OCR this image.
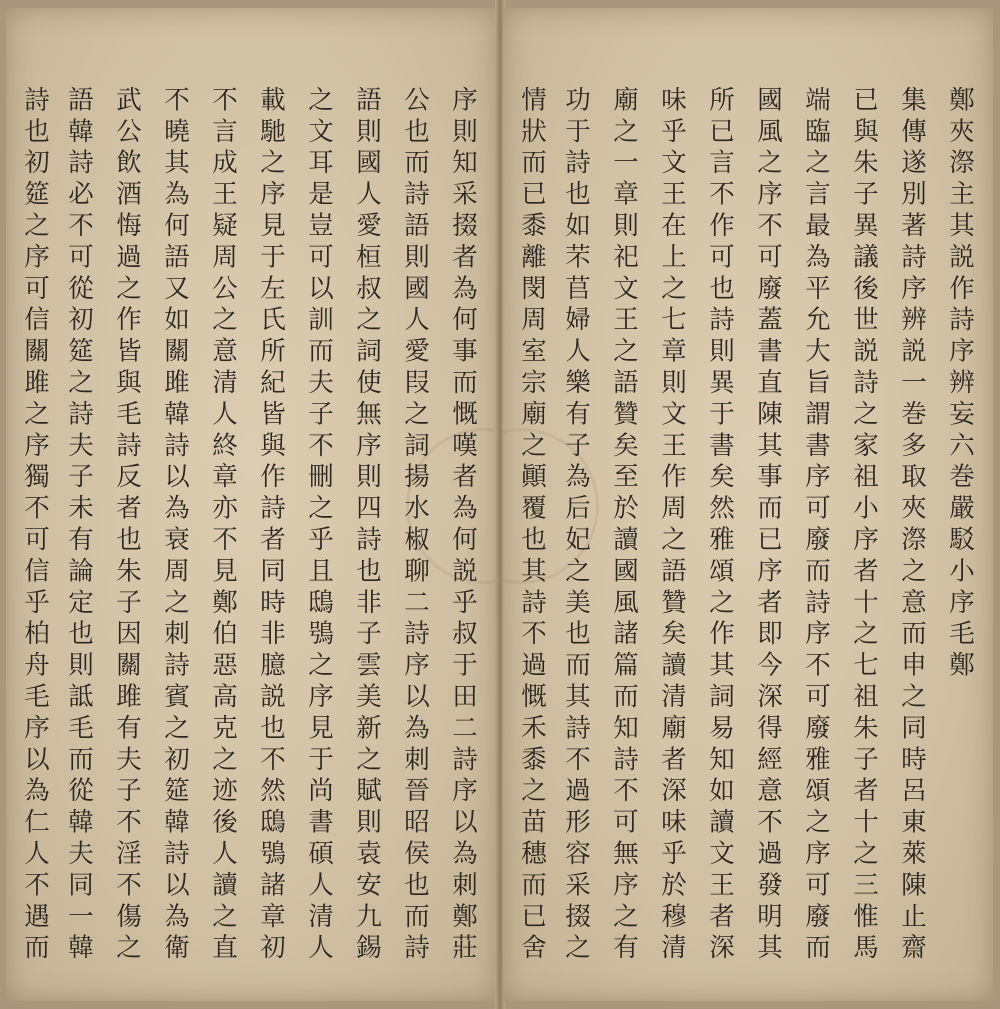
序則知采掇者為何事而慨嘆者為何説乎叔于田二詩序以為刺鄭莊
公也而詩語則國人愛叚之詞揚水椒聊二詩序以為刺晉昭侯也而詩
語則國人愛桓叔之詞使無序則四詩也非子雲美新之賦則袁安九錫
之文耳是豈可以訓而夫子不刪之乎且鴟鴞之序見于尚書碩人清人
載馳之序見于左氏所紀皆與作詩者同時非臆説也不然鴟鴞諸章初
不言成王疑周公之意清人終章亦不見鄭伯惡高克之迹後人讀之直
不曉其為何語又如關雎韓詩以為衰周之刺詩賓之初筵韓詩以為衛
武公飲酒悔過之作皆與毛詩反者也朱子因關雎有夫子不淫不傷之
語韓詩必不可從初筵之詩夫子未有論定也則詆毛而從韓夫同一韓
詩也初筵之序可信關雎之序獨不可信乎柏舟毛序以為仁人不遇而	鄭夾漈主其説作詩序辨妄六巻嚴駁小序毛鄭
集傳遂別著詩序辨説一巻多取夾漈之意而申之同時呂東萊陳止齋
已與朱子異議後世説詩之家祖小序者十之七祖朱子者十之三惟馬
端臨之言最為平允大旨謂書序可廢而詩序不可廢雅頌之序可廢而
國風之序不可廢蓋書直陳其事而已序者即今深得經意不過發明其
所已言不作可也詩則異于書矣然雅頌之作其詞易知如讀文王者深
味乎文王在上之七章則文王作周之語贊矣讀清廟者深味乎於穆清
廟之一章則祀文王之語贊矣至於讀國風諸篇而知詩不可無序之有
功于詩也如芣苢婦人樂有子為后妃之美也而其詩不過形容采掇之
情狀而已黍離閔周室宗廟之顚覆也其詩不過慨禾黍之苗穗而已舍
